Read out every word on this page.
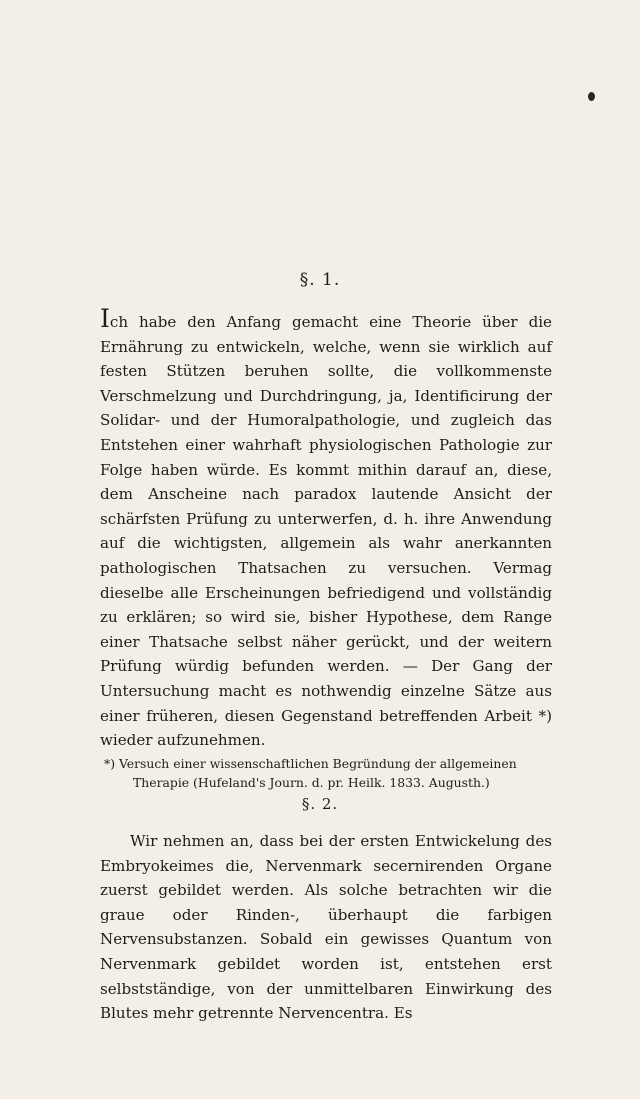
§. 1.

Ich habe den Anfang gemacht eine Theorie über die Ernährung zu entwickeln, welche, wenn sie wirklich auf festen Stützen beruhen sollte, die vollkommenste Verschmelzung und Durchdringung, ja, Identificirung der Solidar- und der Humoralpathologie, und zugleich das Entstehen einer wahrhaft physiologischen Pathologie zur Folge haben würde. Es kommt mithin darauf an, diese, dem Anscheine nach paradox lautende Ansicht der schärfsten Prüfung zu unterwerfen, d. h. ihre Anwendung auf die wichtigsten, allgemein als wahr anerkannten pathologischen Thatsachen zu versuchen. Vermag dieselbe alle Erscheinungen befriedigend und vollständig zu erklären; so wird sie, bisher Hypothese, dem Range einer Thatsache selbst näher gerückt, und der weitern Prüfung würdig befunden werden. — Der Gang der Untersuchung macht es nothwendig einzelne Sätze aus einer früheren, diesen Gegenstand betreffenden Arbeit *) wieder aufzunehmen.

*) Versuch einer wissenschaftlichen Begründung der allgemeinen
Therapie (Hufeland's Journ. d. pr. Heilk. 1833. Augusth.)

§. 2.

Wir nehmen an, dass bei der ersten Entwickelung des Embryokeimes die, Nervenmark secernirenden Organe zuerst gebildet werden. Als solche betrachten wir die graue oder Rinden-, überhaupt die farbigen Nervensubstanzen. Sobald ein gewisses Quantum von Nervenmark gebildet worden ist, entstehen erst selbstständige, von der unmittelbaren Einwirkung des Blutes mehr getrennte Nervencentra. Es
